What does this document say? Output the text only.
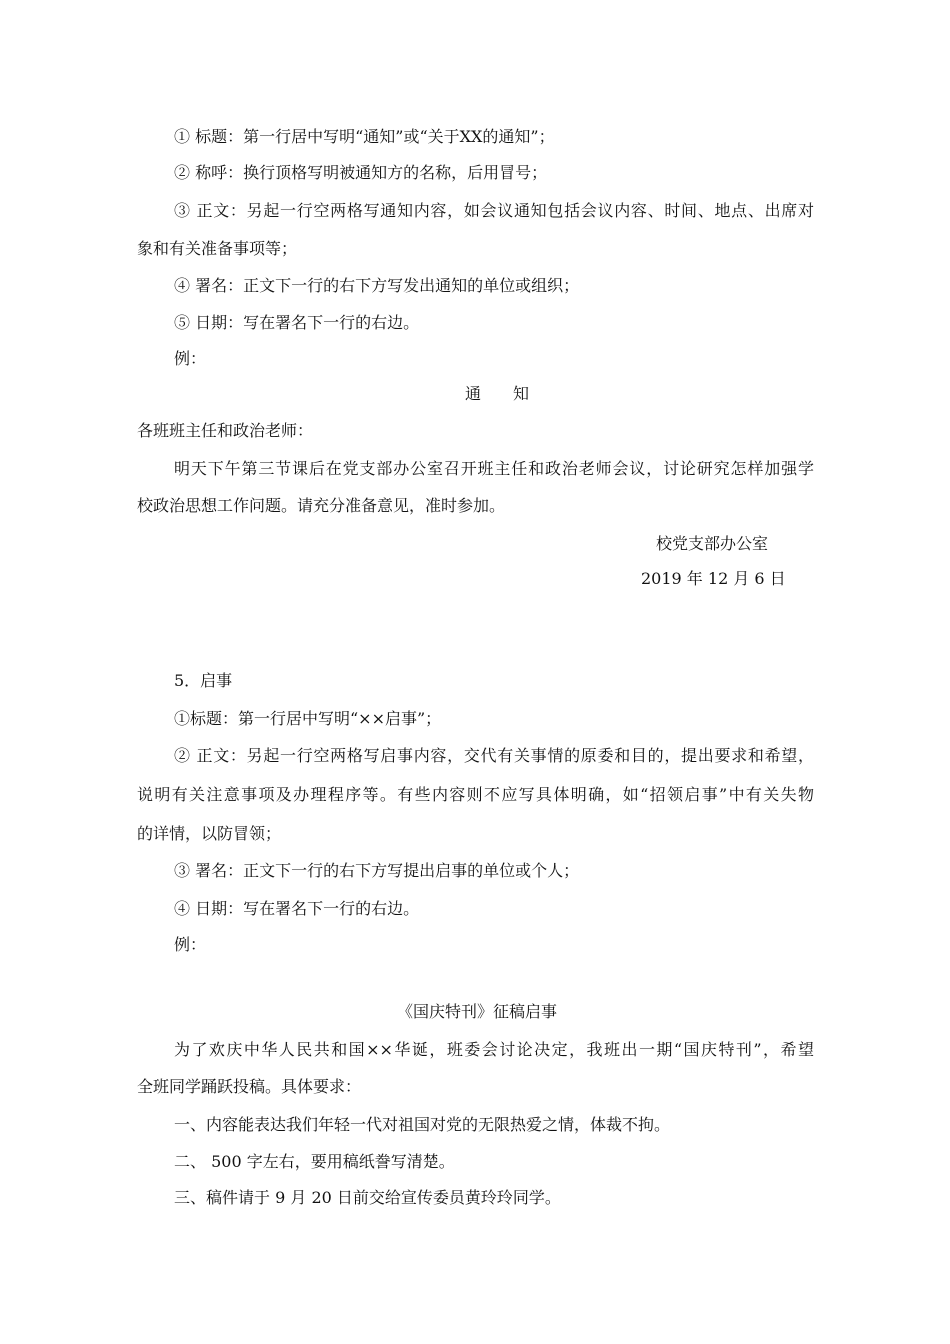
① 标题：第一行居中写明“通知”或“关于XX的通知”；
② 称呼：换行顶格写明被通知方的名称，后用冒号；
③ 正文：另起一行空两格写通知内容，如会议通知包括会议内容、时间、地点、出席对
象和有关准备事项等；
④ 署名：正文下一行的右下方写发出通知的单位或组织；
⑤ 日期：写在署名下一行的右边。
例：
通　　知
各班班主任和政治老师：
明天下午第三节课后在党支部办公室召开班主任和政治老师会议，讨论研究怎样加强学
校政治思想工作问题。请充分准备意见，准时参加。
校党支部办公室
2019 年 12 月 6 日
5．启事
①标题：第一行居中写明“××启事”；
② 正文：另起一行空两格写启事内容，交代有关事情的原委和目的，提出要求和希望，
说明有关注意事项及办理程序等。有些内容则不应写具体明确，如“招领启事”中有关失物
的详情，以防冒领；
③ 署名：正文下一行的右下方写提出启事的单位或个人；
④ 日期：写在署名下一行的右边。
例：
《国庆特刊》征稿启事
为了欢庆中华人民共和国××华诞，班委会讨论决定，我班出一期“国庆特刊”，希望
全班同学踊跃投稿。具体要求：
一、内容能表达我们年轻一代对祖国对党的无限热爱之情，体裁不拘。
二、 500 字左右，要用稿纸誊写清楚。
三、稿件请于 9 月 20 日前交给宣传委员黄玲玲同学。
